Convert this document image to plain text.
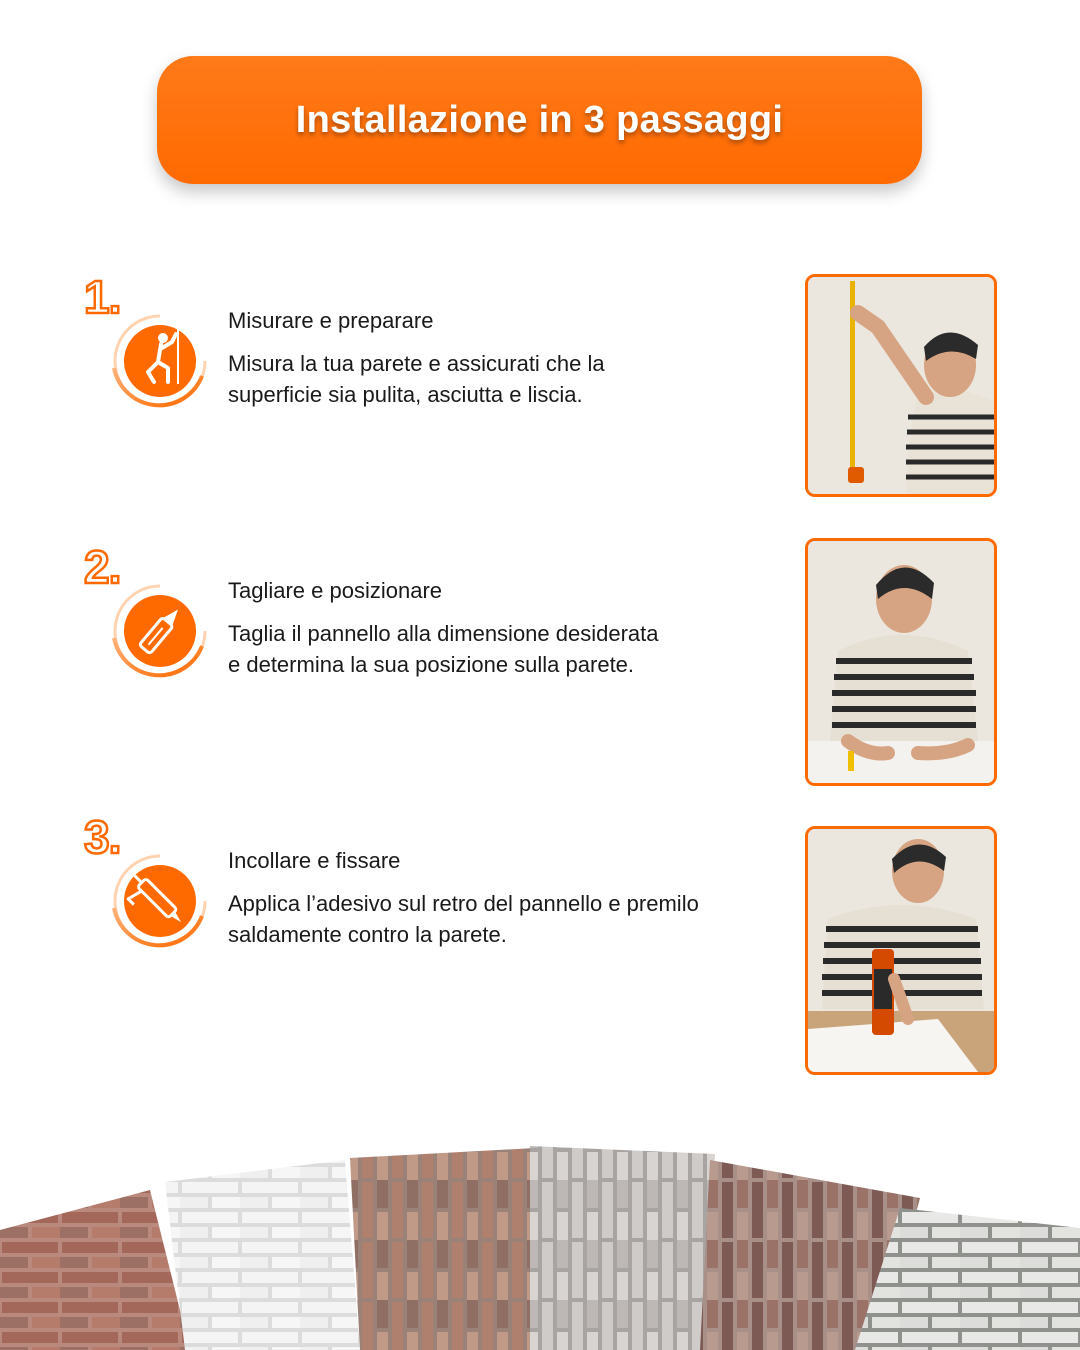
Installazione in 3 passaggi
1.	Misurare e preparare
Misura la tua parete e assicurati che la
superficie sia pulita, asciutta e liscia.
2.	Tagliare e posizionare
Taglia il pannello alla dimensione desiderata
e determina la sua posizione sulla parete.
3.	Incollare e fissare
Applica l’adesivo sul retro del pannello e premilo
saldamente contro la parete.
